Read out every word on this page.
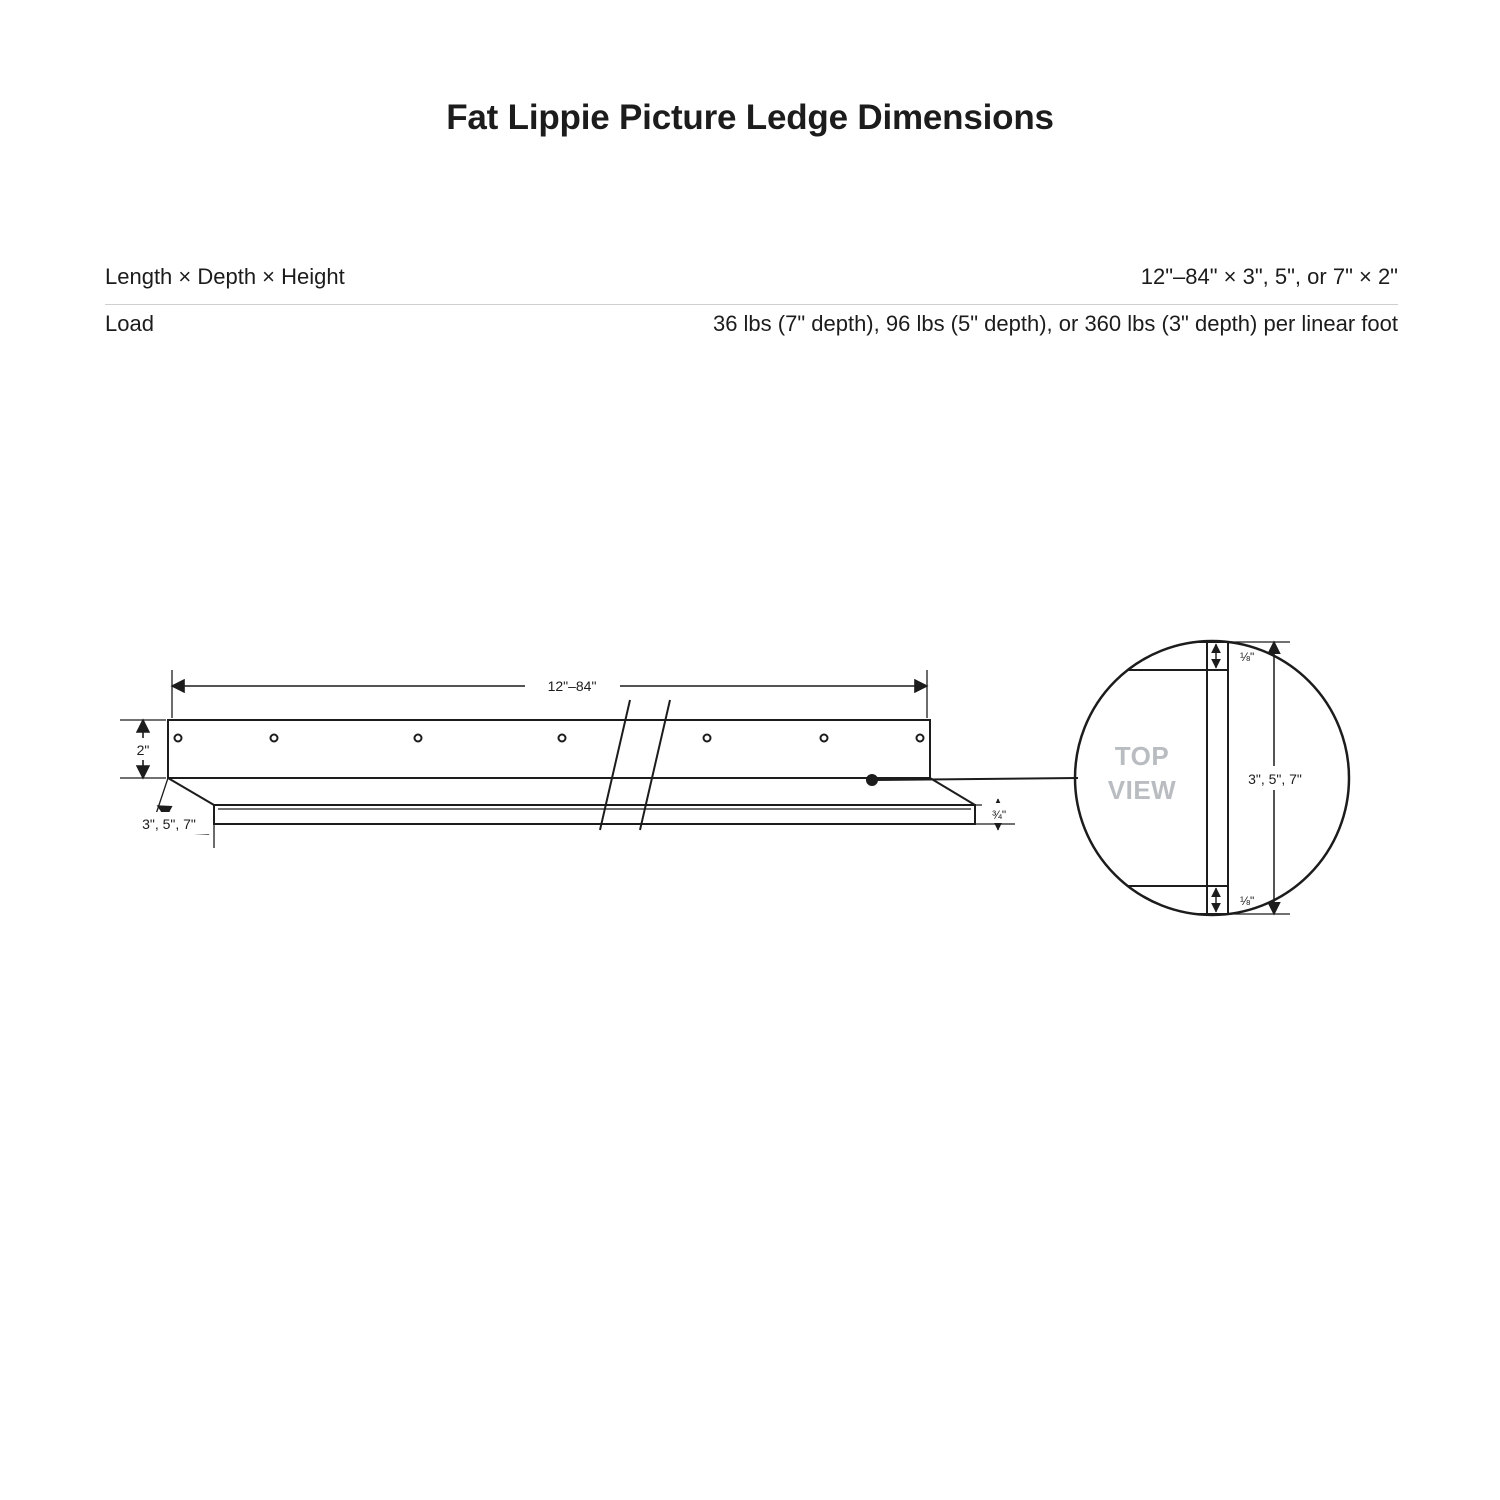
Fat Lippie Picture Ledge Dimensions
Length × Depth × Height	12"–84" × 3", 5", or 7" × 2"
Load	36 lbs (7" depth), 96 lbs (5" depth), or 360 lbs (3" depth) per linear foot
12"–84"
2"
3", 5", 7"
¾"
TOP
VIEW
⅛"
⅛"
3", 5", 7"
